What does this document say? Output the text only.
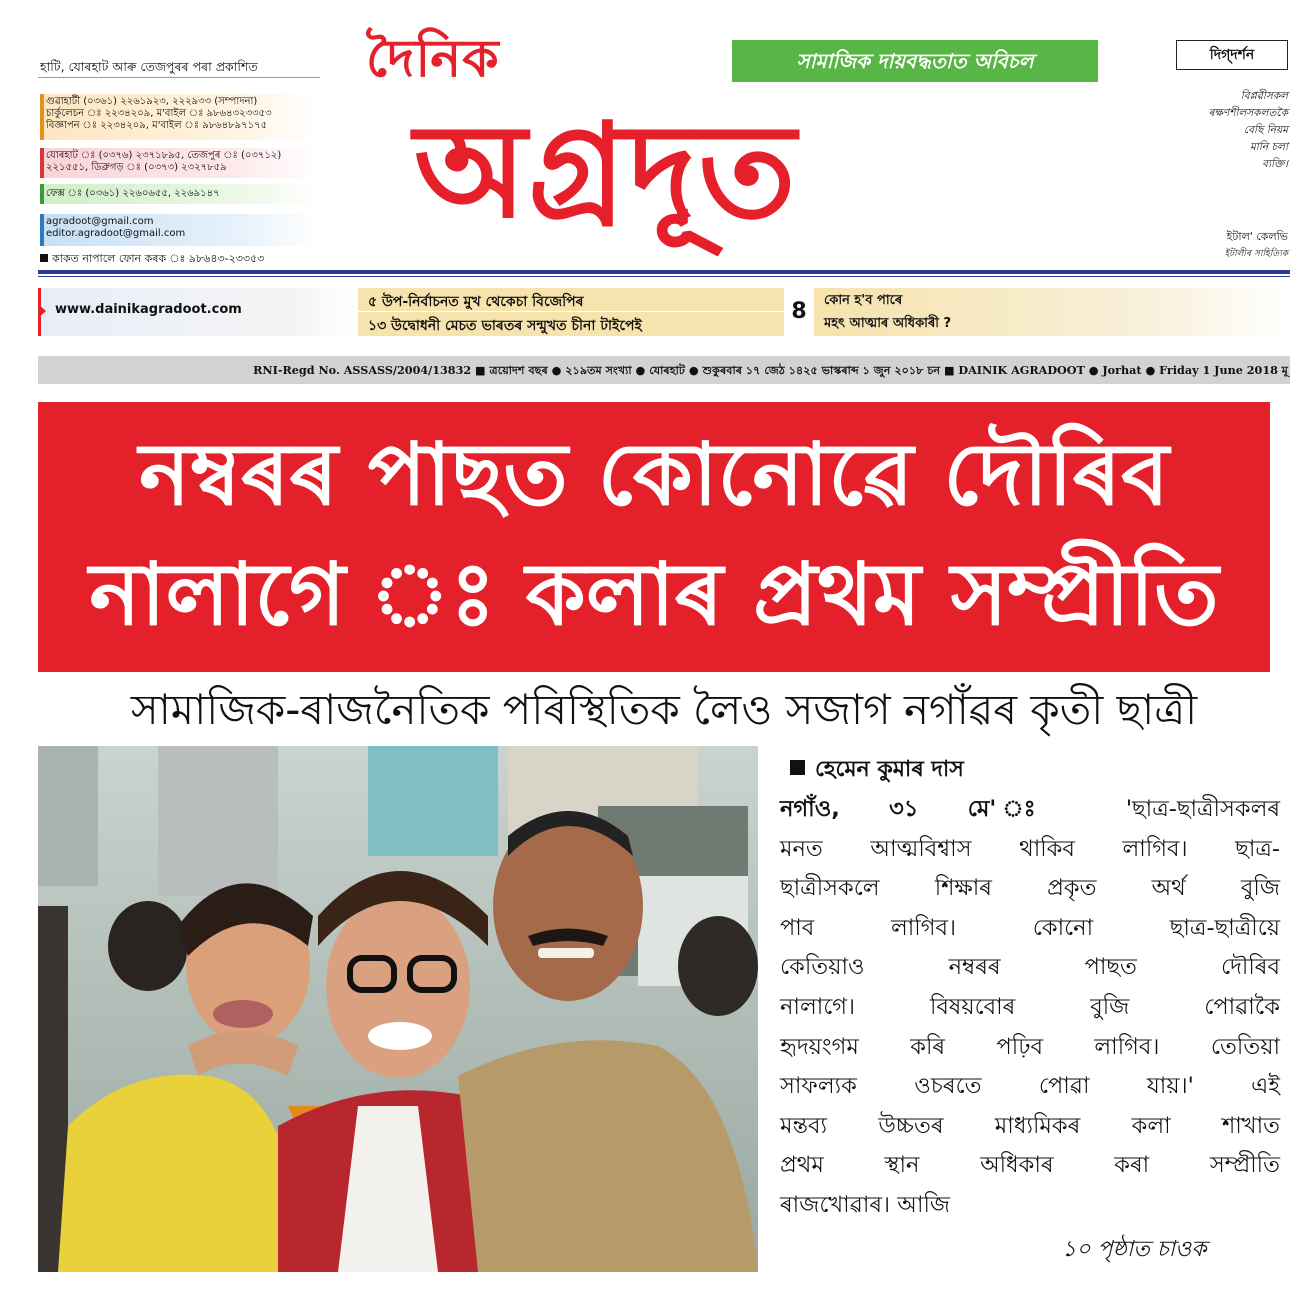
হাটি, যোৰহাট আৰু তেজপুৰৰ পৰা প্ৰকাশিত
গুৱাহাটী (০৩৬১) ২২৬১৯২৩, ২২২৯৩৩ (সম্পাদনা)
চাৰ্কুলেচন ঃ ২২৩৪২০৯, ম'বাইল ঃ ৯৮৬৪৩২৩৩৫৩
বিজ্ঞাপন ঃ ২২৩৪২০৯, ম'বাইল ঃ ৯৮৬৪৮৯৭১৭৫
যোৰহাট ঃ (০৩৭৬) ২৩৭১৮৯৫, তেজপুৰ ঃ (০৩৭১২)
২২১৫৫১, ডিব্ৰুগড় ঃ (০৩৭৩) ২৩২৭৮৫৯
ফেক্স ঃ (০৩৬১) ২২৬০৬৫৫, ২২৬৯১৪৭
agradoot@gmail.com
editor.agradoot@gmail.com
কাকত নাপালে ফোন কৰক ঃ ৯৮৬৪৩-২৩৩৫৩
দৈনিক
অগ্ৰদূত
সামাজিক দায়বদ্ধতাত অবিচল	দিগ্‌দৰ্শন
বিপ্লৱীসকল
ৰক্ষণশীলসকলতকৈ
বেছি নিয়ম
মানি চলা
ব্যক্তি।
ইটাল' কেলভি
ইটালীৰ সাহিত্যিক
www.dainikagradoot.com	৫ উপ-নিৰ্বাচনত মুখ থেকেচা বিজেপিৰ
১৩ উদ্বোধনী মেচত ভাৰতৰ সন্মুখত চীনা টাইপেই
8	কোন হ'ব পাৰে
মহৎ আত্মাৰ অধিকাৰী ?
RNI-Regd No. ASSASS/2004/13832 ■ ত্ৰয়োদশ বছৰ ● ২১৯তম সংখ্যা ● যোৰহাট ● শুকুৰবাৰ ১৭ জেঠ ১৪২৫ ভাস্কৰাব্দ ১ জুন ২০১৮ চন ■ DAINIK AGRADOOT ● Jorhat ● Friday 1 June 2018 মূ
নম্বৰৰ পাছত কোনোৱে দৌৰিব
নালাগে ঃ কলাৰ প্ৰথম সম্প্ৰীতি
সামাজিক-ৰাজনৈতিক পৰিস্থিতিক লৈও সজাগ নগাঁৱৰ কৃতী ছাত্ৰী
হেমেন কুমাৰ দাস
নগাঁও, ৩১ মে' ঃ 'ছাত্ৰ-ছাত্ৰীসকলৰ
মনত আত্মবিশ্বাস থাকিব লাগিব। ছাত্ৰ-
ছাত্ৰীসকলে শিক্ষাৰ প্ৰকৃত অৰ্থ বুজি
পাব লাগিব। কোনো ছাত্ৰ-ছাত্ৰীয়ে
কেতিয়াও নম্বৰৰ পাছত দৌৰিব
নালাগে। বিষয়বোৰ বুজি পোৱাকৈ
হৃদয়ংগম কৰি পঢ়িব লাগিব। তেতিয়া
সাফল্যক ওচৰতে পোৱা যায়।' এই
মন্তব্য উচ্চতৰ মাধ্যমিকৰ কলা শাখাত
প্ৰথম স্থান অধিকাৰ কৰা সম্প্ৰীতি
ৰাজখোৱাৰ। আজি
১০ পৃষ্ঠাত চাওক
